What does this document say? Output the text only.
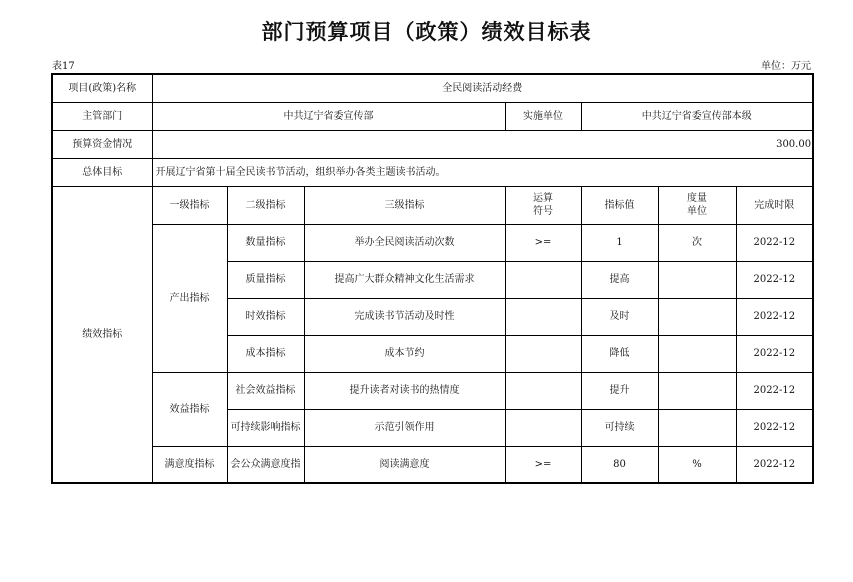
部门预算项目（政策）绩效目标表
表17	单位：万元
项目(政策)名称	全民阅读活动经费						
主管部门	中共辽宁省委宣传部			实施单位	中共辽宁省委宣传部本级		
预算资金情况	300.00						
总体目标	开展辽宁省第十届全民读书节活动，组织举办各类主题读书活动。						
绩效指标	一级指标	二级指标	三级指标	运算符号	指标值	度量单位	完成时限
	产出指标	数量指标	举办全民阅读活动次数	>=	1	次	2022-12
		质量指标	提高广大群众精神文化生活需求		提高		2022-12
		时效指标	完成读书节活动及时性		及时		2022-12
		成本指标	成本节约		降低		2022-12
	效益指标	社会效益指标	提升读者对读书的热情度		提升		2022-12
		可持续影响指标	示范引领作用		可持续		2022-12
	满意度指标	会公众满意度指	阅读满意度	>=	80	%	2022-12
